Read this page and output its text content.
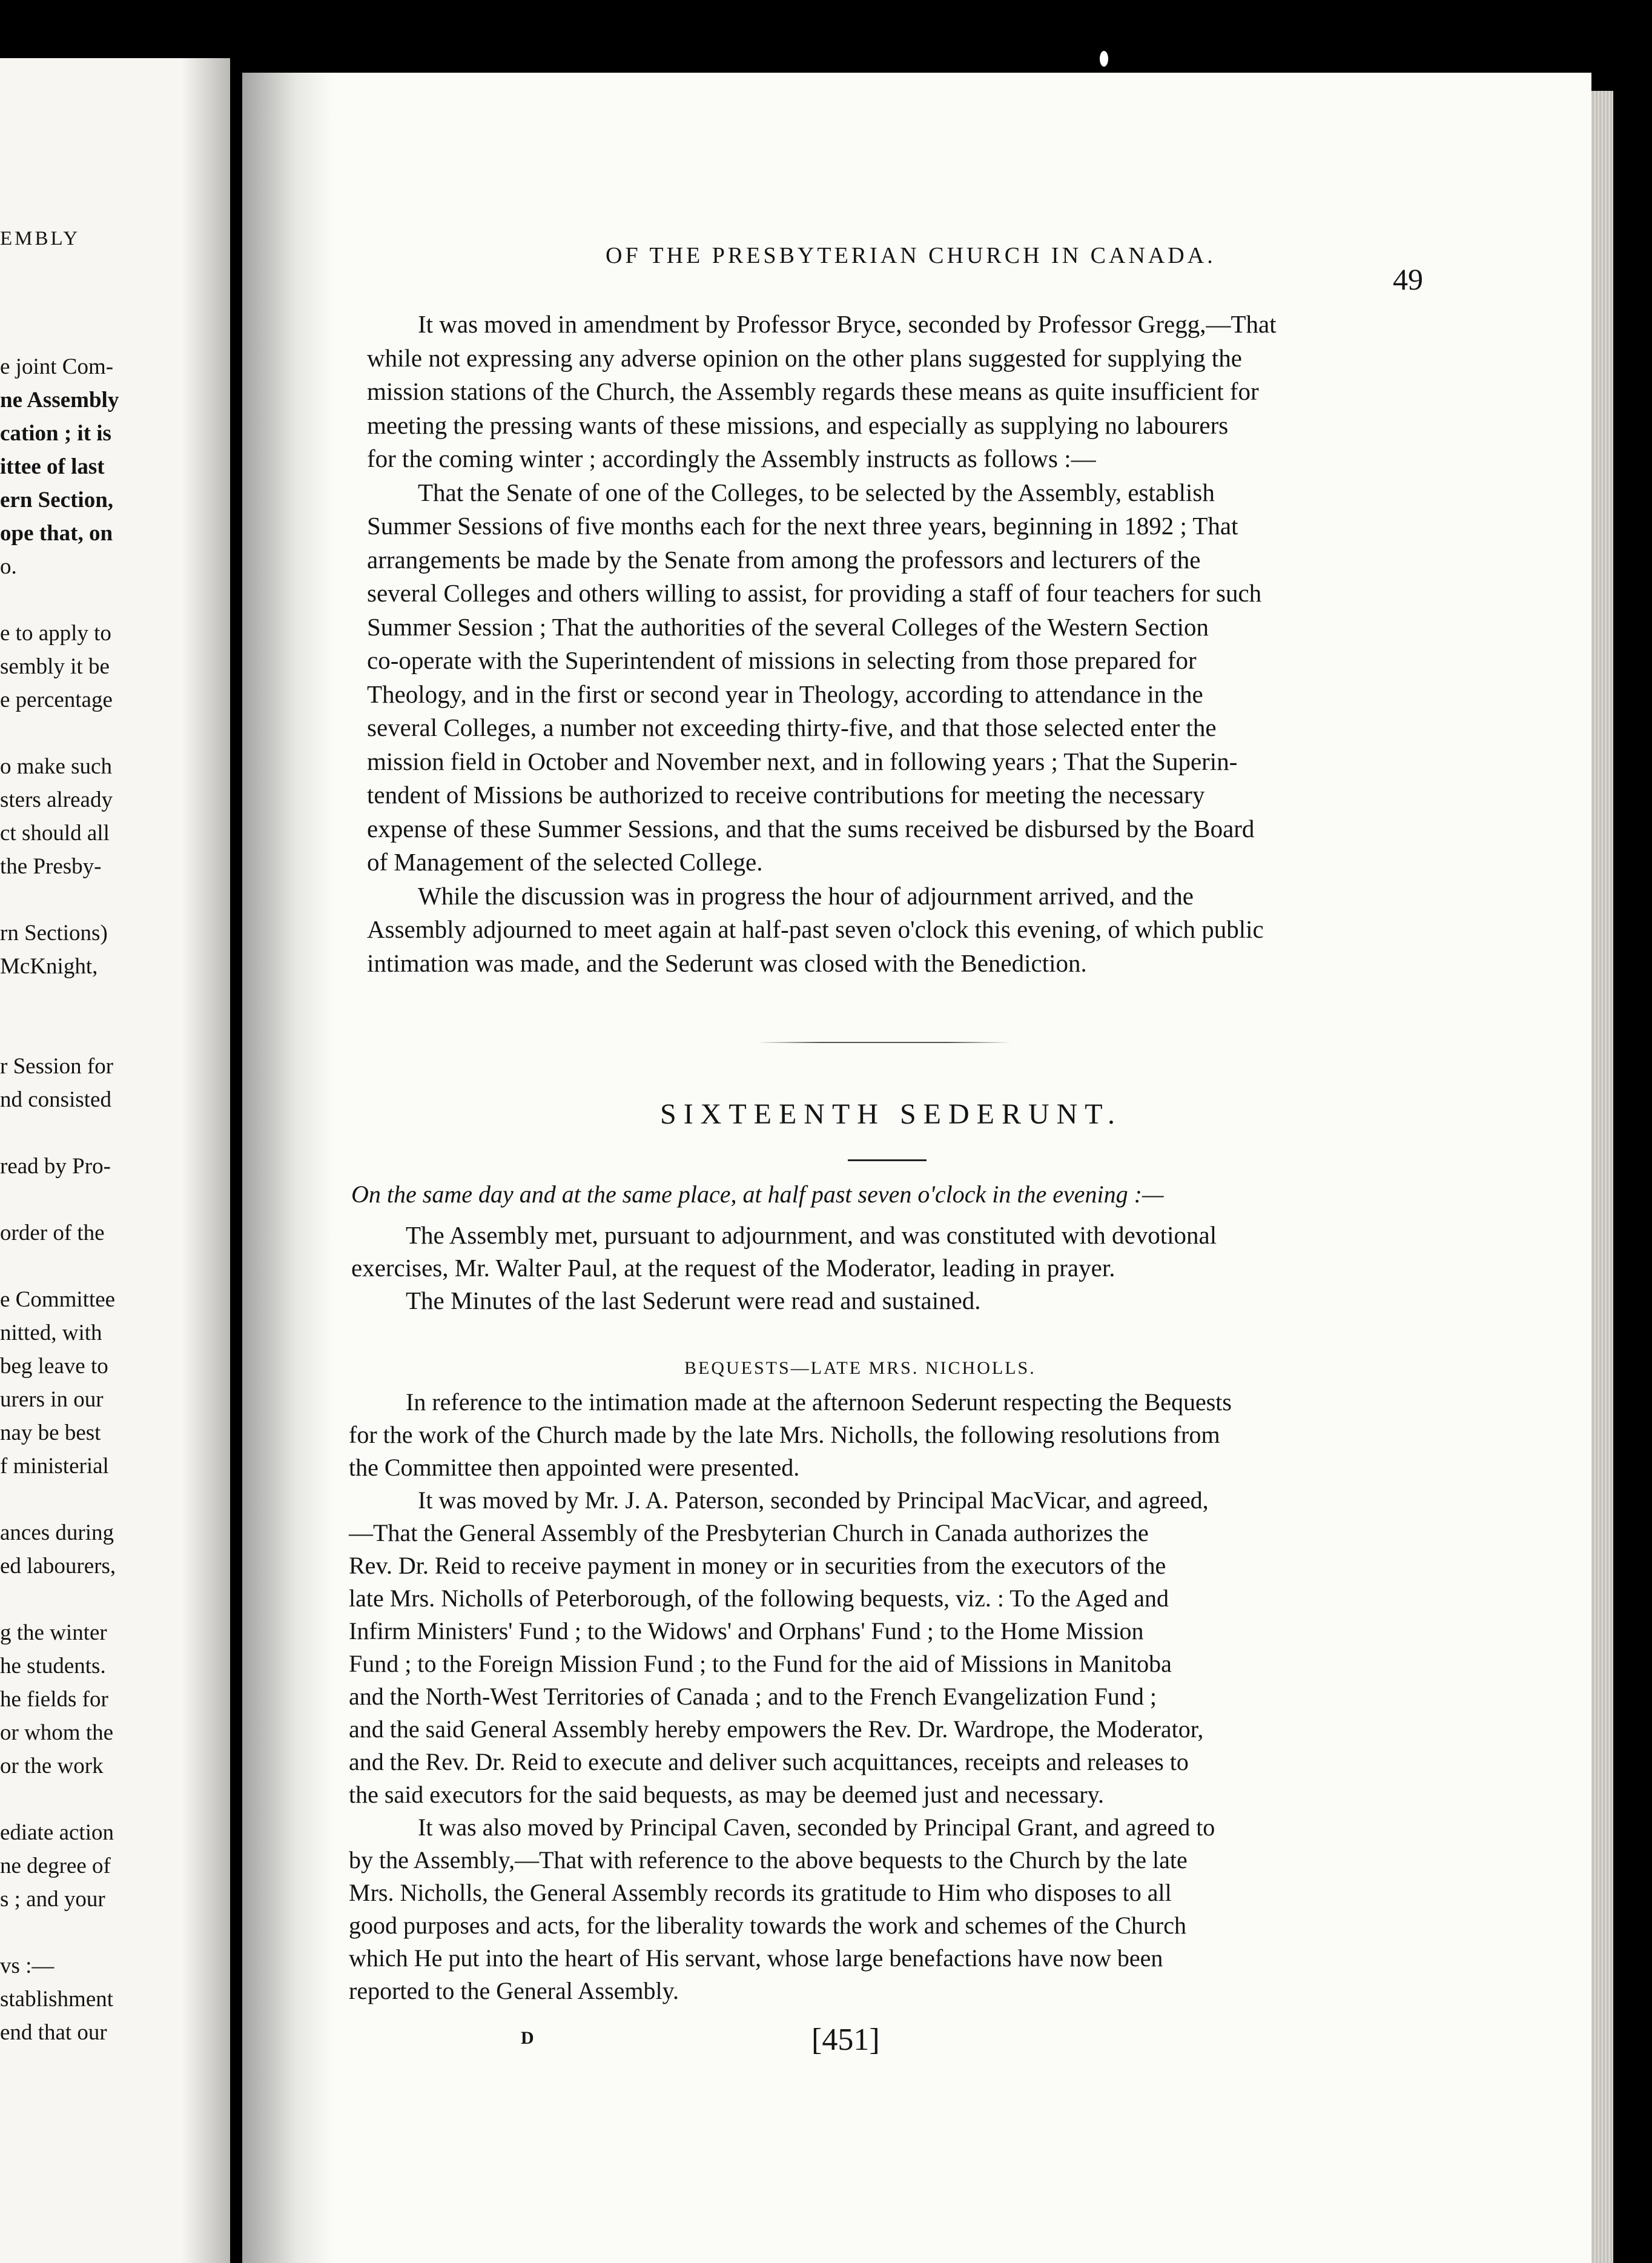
EMBLY
e joint Com-
ne Assembly
cation ; it is
ittee of last
ern Section,
ope that, on
o.
e to apply to
sembly it be
e percentage
o make such
sters already
ct should all
the Presby-
rn Sections)
McKnight,
r Session for
nd consisted
read by Pro-
order of the
e Committee
nitted, with
beg leave to
urers in our
nay be best
f ministerial
ances during
ed labourers,
g the winter
he students.
he fields for
or whom the
or the work
ediate action
ne degree of
s ; and your
vs :—
stablishment
end that our
OF THE PRESBYTERIAN CHURCH IN CANADA.
49
It was moved in amendment by Professor Bryce, seconded by Professor Gregg,—That
while not expressing any adverse opinion on the other plans suggested for supplying the
mission stations of the Church, the Assembly regards these means as quite insufficient for
meeting the pressing wants of these missions, and especially as supplying no labourers
for the coming winter ; accordingly the Assembly instructs as follows :—
That the Senate of one of the Colleges, to be selected by the Assembly, establish
Summer Sessions of five months each for the next three years, beginning in 1892 ; That
arrangements be made by the Senate from among the professors and lecturers of the
several Colleges and others willing to assist, for providing a staff of four teachers for such
Summer Session ; That the authorities of the several Colleges of the Western Section
co-operate with the Superintendent of missions in selecting from those prepared for
Theology, and in the first or second year in Theology, according to attendance in the
several Colleges, a number not exceeding thirty-five, and that those selected enter the
mission field in October and November next, and in following years ; That the Superin-
tendent of Missions be authorized to receive contributions for meeting the necessary
expense of these Summer Sessions, and that the sums received be disbursed by the Board
of Management of the selected College.
While the discussion was in progress the hour of adjournment arrived, and the
Assembly adjourned to meet again at half-past seven o'clock this evening, of which public
intimation was made, and the Sederunt was closed with the Benediction.
SIXTEENTH SEDERUNT.
On the same day and at the same place, at half past seven o'clock in the evening :—
The Assembly met, pursuant to adjournment, and was constituted with devotional
exercises, Mr. Walter Paul, at the request of the Moderator, leading in prayer.
The Minutes of the last Sederunt were read and sustained.
BEQUESTS—LATE MRS. NICHOLLS.
In reference to the intimation made at the afternoon Sederunt respecting the Bequests
for the work of the Church made by the late Mrs. Nicholls, the following resolutions from
the Committee then appointed were presented.
It was moved by Mr. J. A. Paterson, seconded by Principal MacVicar, and agreed,
—That the General Assembly of the Presbyterian Church in Canada authorizes the
Rev. Dr. Reid to receive payment in money or in securities from the executors of the
late Mrs. Nicholls of Peterborough, of the following bequests, viz. : To the Aged and
Infirm Ministers' Fund ; to the Widows' and Orphans' Fund ; to the Home Mission
Fund ; to the Foreign Mission Fund ; to the Fund for the aid of Missions in Manitoba
and the North-West Territories of Canada ; and to the French Evangelization Fund ;
and the said General Assembly hereby empowers the Rev. Dr. Wardrope, the Moderator,
and the Rev. Dr. Reid to execute and deliver such acquittances, receipts and releases to
the said executors for the said bequests, as may be deemed just and necessary.
It was also moved by Principal Caven, seconded by Principal Grant, and agreed to
by the Assembly,—That with reference to the above bequests to the Church by the late
Mrs. Nicholls, the General Assembly records its gratitude to Him who disposes to all
good purposes and acts, for the liberality towards the work and schemes of the Church
which He put into the heart of His servant, whose large benefactions have now been
reported to the General Assembly.
D	[451]
